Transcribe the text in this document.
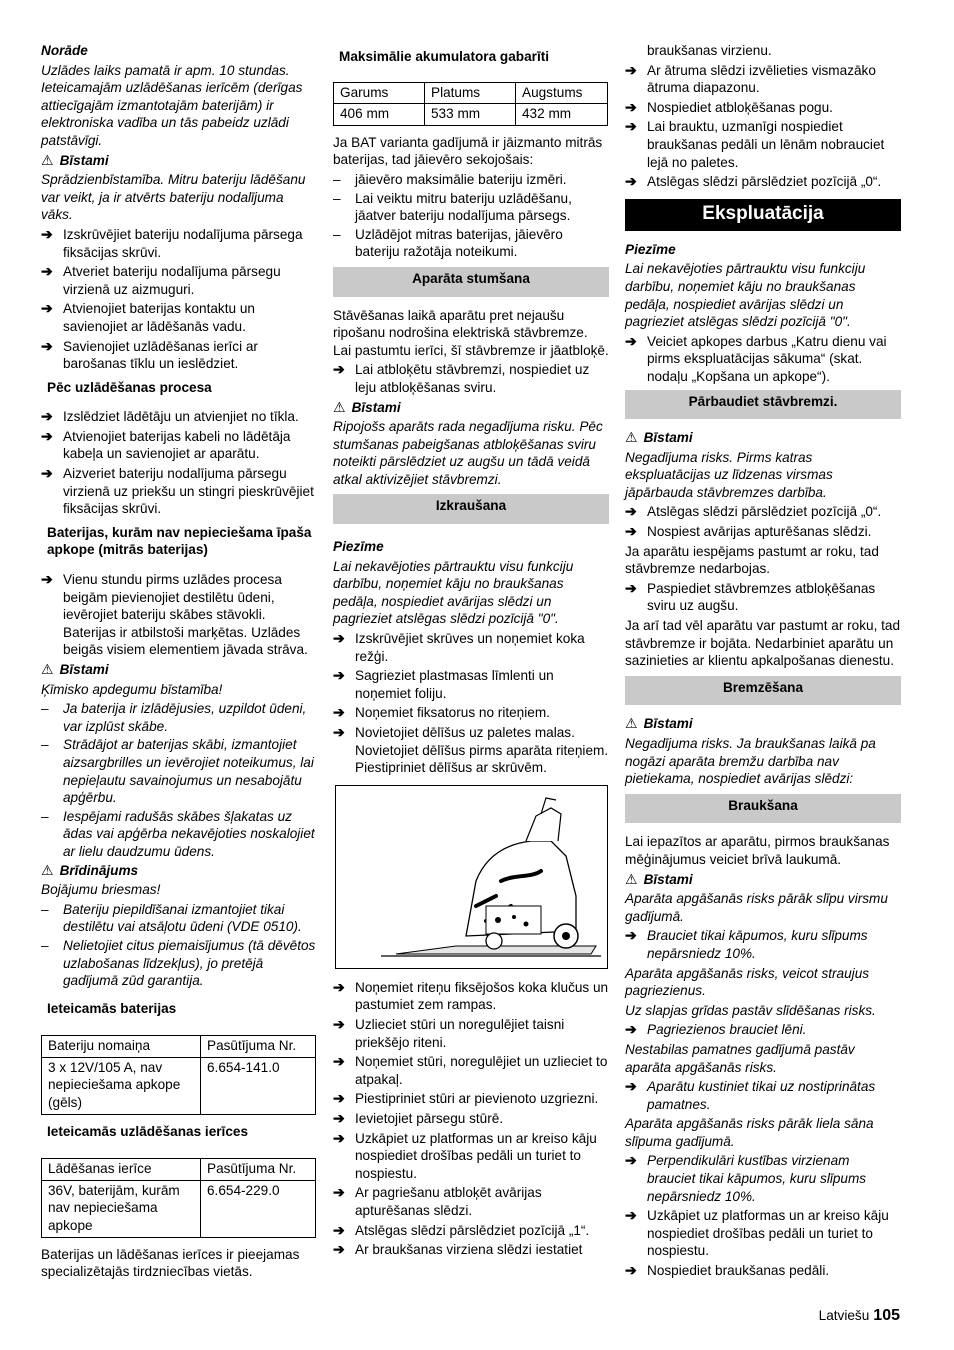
Norāde
Uzlādes laiks pamatā ir apm. 10 stundas. Ieteicamajām uzlādēšanas ierīcēm (derīgas attiecīgajām izmantotajām baterijām) ir elektroniska vadība un tās pabeidz uzlādi patstāvīgi.
⚠ Bīstami
Sprādzienbīstamība. Mitru bateriju lādēšanu var veikt, ja ir atvērts bateriju nodalījuma vāks.
➔ Izskrūvējiet bateriju nodalījuma pārsega fiksācijas skrūvi.
➔ Atveriet bateriju nodalījuma pārsegu virzienā uz aizmuguri.
➔ Atvienojiet baterijas kontaktu un savienojiet ar lādēšanās vadu.
➔ Savienojiet uzlādēšanas ierīci ar barošanas tīklu un ieslēdziet.
Pēc uzlādēšanas procesa
➔ Izslēdziet lādētāju un atvienjiet no tīkla.
➔ Atvienojiet baterijas kabeli no lādētāja kabeļa un savienojiet ar aparātu.
➔ Aizveriet bateriju nodalījuma pārsegu virzienā uz priekšu un stingri pieskrūvējiet fiksācijas skrūvi.
Baterijas, kurām nav nepieciešama īpaša apkope (mitrās baterijas)
➔ Vienu stundu pirms uzlādes procesa beigām pievienojiet destilētu ūdeni, ievērojiet bateriju skābes stāvokli. Baterijas ir atbilstoši marķētas. Uzlādes beigās visiem elementiem jāvada strāva.
⚠ Bīstami
Ķīmisko apdegumu bīstamība!
– Ja baterija ir izlādējusies, uzpildot ūdeni, var izplūst skābe.
– Strādājot ar baterijas skābi, izmantojiet aizsargbrilles un ievērojiet noteikumus, lai nepieļautu savainojumus un nesabojātu apģērbu.
– Iespējami radušās skābes šļakatas uz ādas vai apģērba nekavējoties noskalojiet ar lielu daudzumu ūdens.
⚠ Brīdinājums
Bojājumu briesmas!
– Bateriju piepildīšanai izmantojiet tikai destilētu vai atsāļotu ūdeni (VDE 0510).
– Nelietojiet citus piemaisījumus (tā dēvētos uzlabošanas līdzekļus), jo pretējā gadījumā zūd garantija.
Ieteicamās baterijas
Bateriju nomaiņa	Pasūtījuma Nr.
3 x 12V/105 A, nav nepieciešama apkope (gēls)	6.654-141.0
Ieteicamās uzlādēšanas ierīces
Lādēšanas ierīce	Pasūtījuma Nr.
36V, baterijām, kurām nav nepieciešama apkope	6.654-229.0
Baterijas un lādēšanas ierīces ir pieejamas specializētajās tirdzniecības vietās.
Maksimālie akumulatora gabarīti
Garums	Platums	Augstums
406 mm	533 mm	432 mm
Ja BAT varianta gadījumā ir jāizmanto mitrās baterijas, tad jāievēro sekojošais:
– jāievēro maksimālie bateriju izmēri.
– Lai veiktu mitru bateriju uzlādēšanu, jāatver bateriju nodalījuma pārsegs.
– Uzlādējot mitras baterijas, jāievēro bateriju ražotāja noteikumi.
Aparāta stumšana
Stāvēšanas laikā aparātu pret nejaušu ripošanu nodrošina elektriskā stāvbremze. Lai pastumtu ierīci, šī stāvbremze ir jāatbloķē.
➔ Lai atbloķētu stāvbremzi, nospiediet uz leju atbloķēšanas sviru.
⚠ Bīstami
Ripojošs aparāts rada negadījuma risku. Pēc stumšanas pabeigšanas atbloķēšanas sviru noteikti pārslēdziet uz augšu un tādā veidā atkal aktivizējiet stāvbremzi.
Izkraušana
Piezīme
Lai nekavējoties pārtrauktu visu funkciju darbību, noņemiet kāju no braukšanas pedāļa, nospiediet avārijas slēdzi un pagrieziet atslēgas slēdzi pozīcijā "0".
➔ Izskrūvējiet skrūves un noņemiet koka režģi.
➔ Sagrieziet plastmasas līmlenti un noņemiet foliju.
➔ Noņemiet fiksatorus no riteņiem.
➔ Novietojiet dēlīšus uz paletes malas. Novietojiet dēlīšus pirms aparāta riteņiem. Piestipriniet dēlīšus ar skrūvēm.
➔ Noņemiet riteņu fiksējošos koka klučus un pastumiet zem rampas.
➔ Uzlieciet stūri un noregulējiet taisni priekšējo riteni.
➔ Noņemiet stūri, noregulējiet un uzlieciet to atpakaļ.
➔ Piestipriniet stūri ar pievienoto uzgriezni.
➔ Ievietojiet pārsegu stūrē.
➔ Uzkāpiet uz platformas un ar kreiso kāju nospiediet drošības pedāli un turiet to nospiestu.
➔ Ar pagriešanu atbloķēt avārijas apturēšanas slēdzi.
➔ Atslēgas slēdzi pārslēdziet pozīcijā „1“.
➔ Ar braukšanas virziena slēdzi iestatiet
braukšanas virzienu.
➔ Ar ātruma slēdzi izvēlieties vismazāko ātruma diapazonu.
➔ Nospiediet atbloķēšanas pogu.
➔ Lai brauktu, uzmanīgi nospiediet braukšanas pedāli un lēnām nobrauciet lejā no paletes.
➔ Atslēgas slēdzi pārslēdziet pozīcijā „0“.
Ekspluatācija
Piezīme
Lai nekavējoties pārtrauktu visu funkciju darbību, noņemiet kāju no braukšanas pedāļa, nospiediet avārijas slēdzi un pagrieziet atslēgas slēdzi pozīcijā "0".
➔ Veiciet apkopes darbus „Katru dienu vai pirms ekspluatācijas sākuma“ (skat. nodaļu „Kopšana un apkope“).
Pārbaudiet stāvbremzi.
⚠ Bīstami
Negadījuma risks. Pirms katras ekspluatācijas uz līdzenas virsmas jāpārbauda stāvbremzes darbība.
➔ Atslēgas slēdzi pārslēdziet pozīcijā „0“.
➔ Nospiest avārijas apturēšanas slēdzi.
Ja aparātu iespējams pastumt ar roku, tad stāvbremze nedarbojas.
➔ Paspiediet stāvbremzes atbloķēšanas sviru uz augšu.
Ja arī tad vēl aparātu var pastumt ar roku, tad stāvbremze ir bojāta. Nedarbiniet aparātu un sazinieties ar klientu apkalpošanas dienestu.
Bremzēšana
⚠ Bīstami
Negadījuma risks. Ja braukšanas laikā pa nogāzi aparāta bremžu darbība nav pietiekama, nospiediet avārijas slēdzi:
Braukšana
Lai iepazītos ar aparātu, pirmos braukšanas mēģinājumus veiciet brīvā laukumā.
⚠ Bīstami
Aparāta apgāšanās risks pārāk slīpu virsmu gadījumā.
➔ Brauciet tikai kāpumos, kuru slīpums nepārsniedz 10%.
Aparāta apgāšanās risks, veicot straujus pagriezienus.
Uz slapjas grīdas pastāv slīdēšanas risks.
➔ Pagriezienos brauciet lēni.
Nestabilas pamatnes gadījumā pastāv aparāta apgāšanās risks.
➔ Aparātu kustiniet tikai uz nostiprinātas pamatnes.
Aparāta apgāšanās risks pārāk liela sāna slīpuma gadījumā.
➔ Perpendikulāri kustības virzienam brauciet tikai kāpumos, kuru slīpums nepārsniedz 10%.
➔ Uzkāpiet uz platformas un ar kreiso kāju nospiediet drošības pedāli un turiet to nospiestu.
➔ Nospiediet braukšanas pedāli.
Latviešu 105
